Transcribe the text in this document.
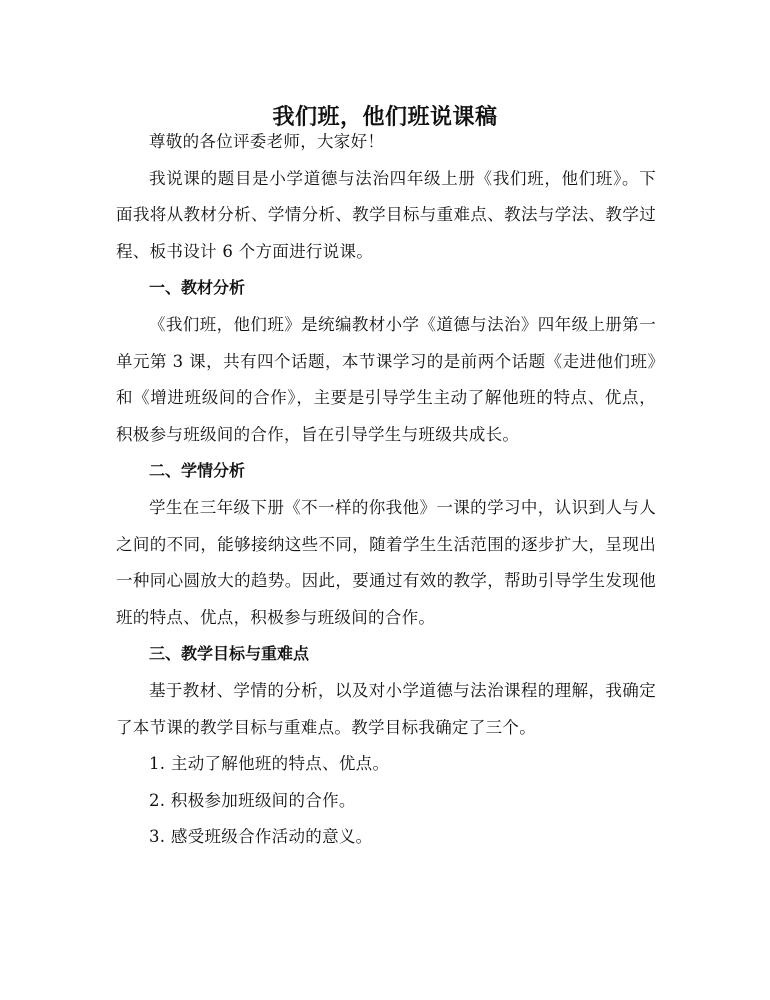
我们班，他们班说课稿

尊敬的各位评委老师，大家好！

我说课的题目是小学道德与法治四年级上册《我们班，他们班》。下面我将从教材分析、学情分析、教学目标与重难点、教法与学法、教学过程、板书设计 6 个方面进行说课。

一、教材分析

《我们班，他们班》是统编教材小学《道德与法治》四年级上册第一单元第 3 课，共有四个话题，本节课学习的是前两个话题《走进他们班》和《增进班级间的合作》，主要是引导学生主动了解他班的特点、优点，积极参与班级间的合作，旨在引导学生与班级共成长。

二、学情分析

学生在三年级下册《不一样的你我他》一课的学习中，认识到人与人之间的不同，能够接纳这些不同，随着学生生活范围的逐步扩大，呈现出一种同心圆放大的趋势。因此，要通过有效的教学，帮助引导学生发现他班的特点、优点，积极参与班级间的合作。

三、教学目标与重难点

基于教材、学情的分析，以及对小学道德与法治课程的理解，我确定了本节课的教学目标与重难点。教学目标我确定了三个。

1. 主动了解他班的特点、优点。

2. 积极参加班级间的合作。

3. 感受班级合作活动的意义。
